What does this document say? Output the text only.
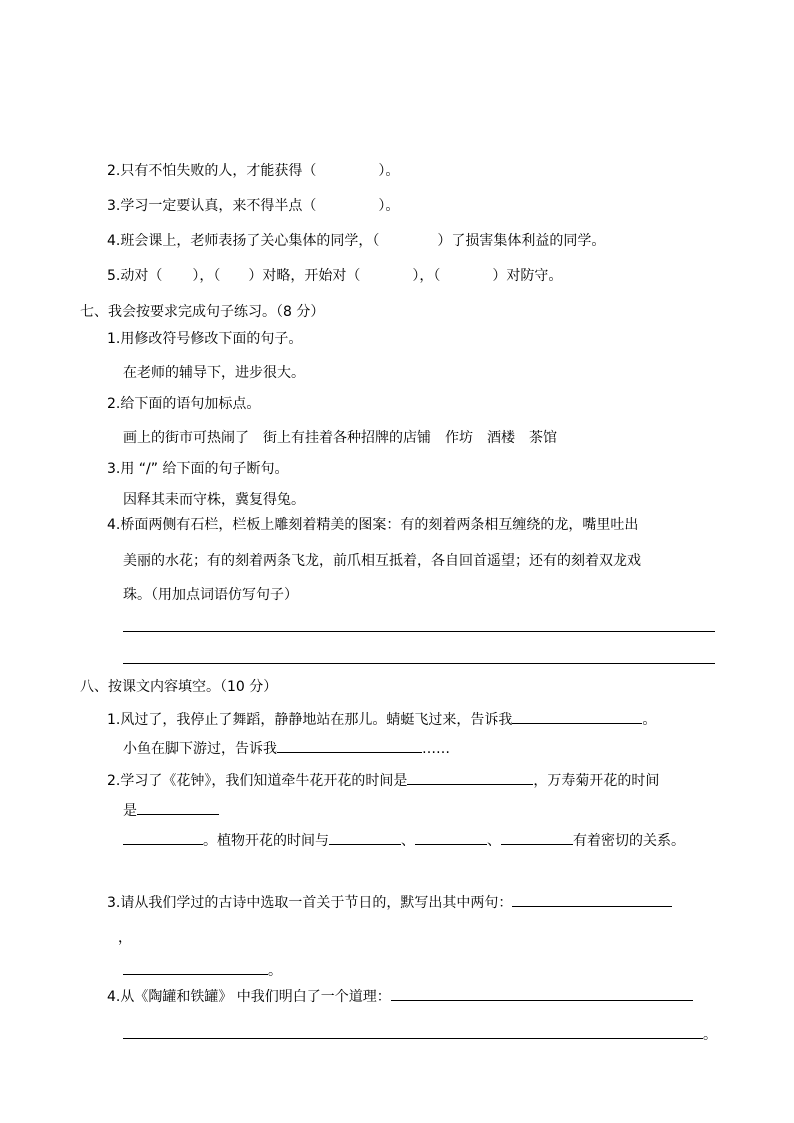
2.只有不怕失败的人，才能获得（	）。
3.学习一定要认真，来不得半点（	）。
4.班会课上，老师表扬了关心集体的同学，（	）了损害集体利益的同学。
5.动对（ ），（ ）对略，开始对（	），（	）对防守。
七、我会按要求完成句子练习。（8 分）
1.用修改符号修改下面的句子。
在老师的辅导下，进步很大。
2.给下面的语句加标点。
画上的街市可热闹了　街上有挂着各种招牌的店铺　作坊　酒楼　茶馆
3.用 “/” 给下面的句子断句。
因释其耒而守株，冀复得兔。
4.桥面两侧有石栏，栏板上雕刻着精美的图案：有的刻着两条相互缠绕的龙，嘴里吐出
美丽的水花；有的刻着两条飞龙，前爪相互抵着，各自回首遥望；还有的刻着双龙戏
珠。（用加点词语仿写句子）
八、按课文内容填空。（10 分）
1.风过了，我停止了舞蹈，静静地站在那儿。蜻蜓飞过来，告诉我	。
小鱼在脚下游过，告诉我	……
2.学习了《花钟》，我们知道牵牛花开花的时间是	，万寿菊开花的时间
是
。植物开花的时间与	、	、	有着密切的关系。
3.请从我们学过的古诗中选取一首关于节日的，默写出其中两句：
，
。
4.从《陶罐和铁罐》 中我们明白了一个道理：
。
